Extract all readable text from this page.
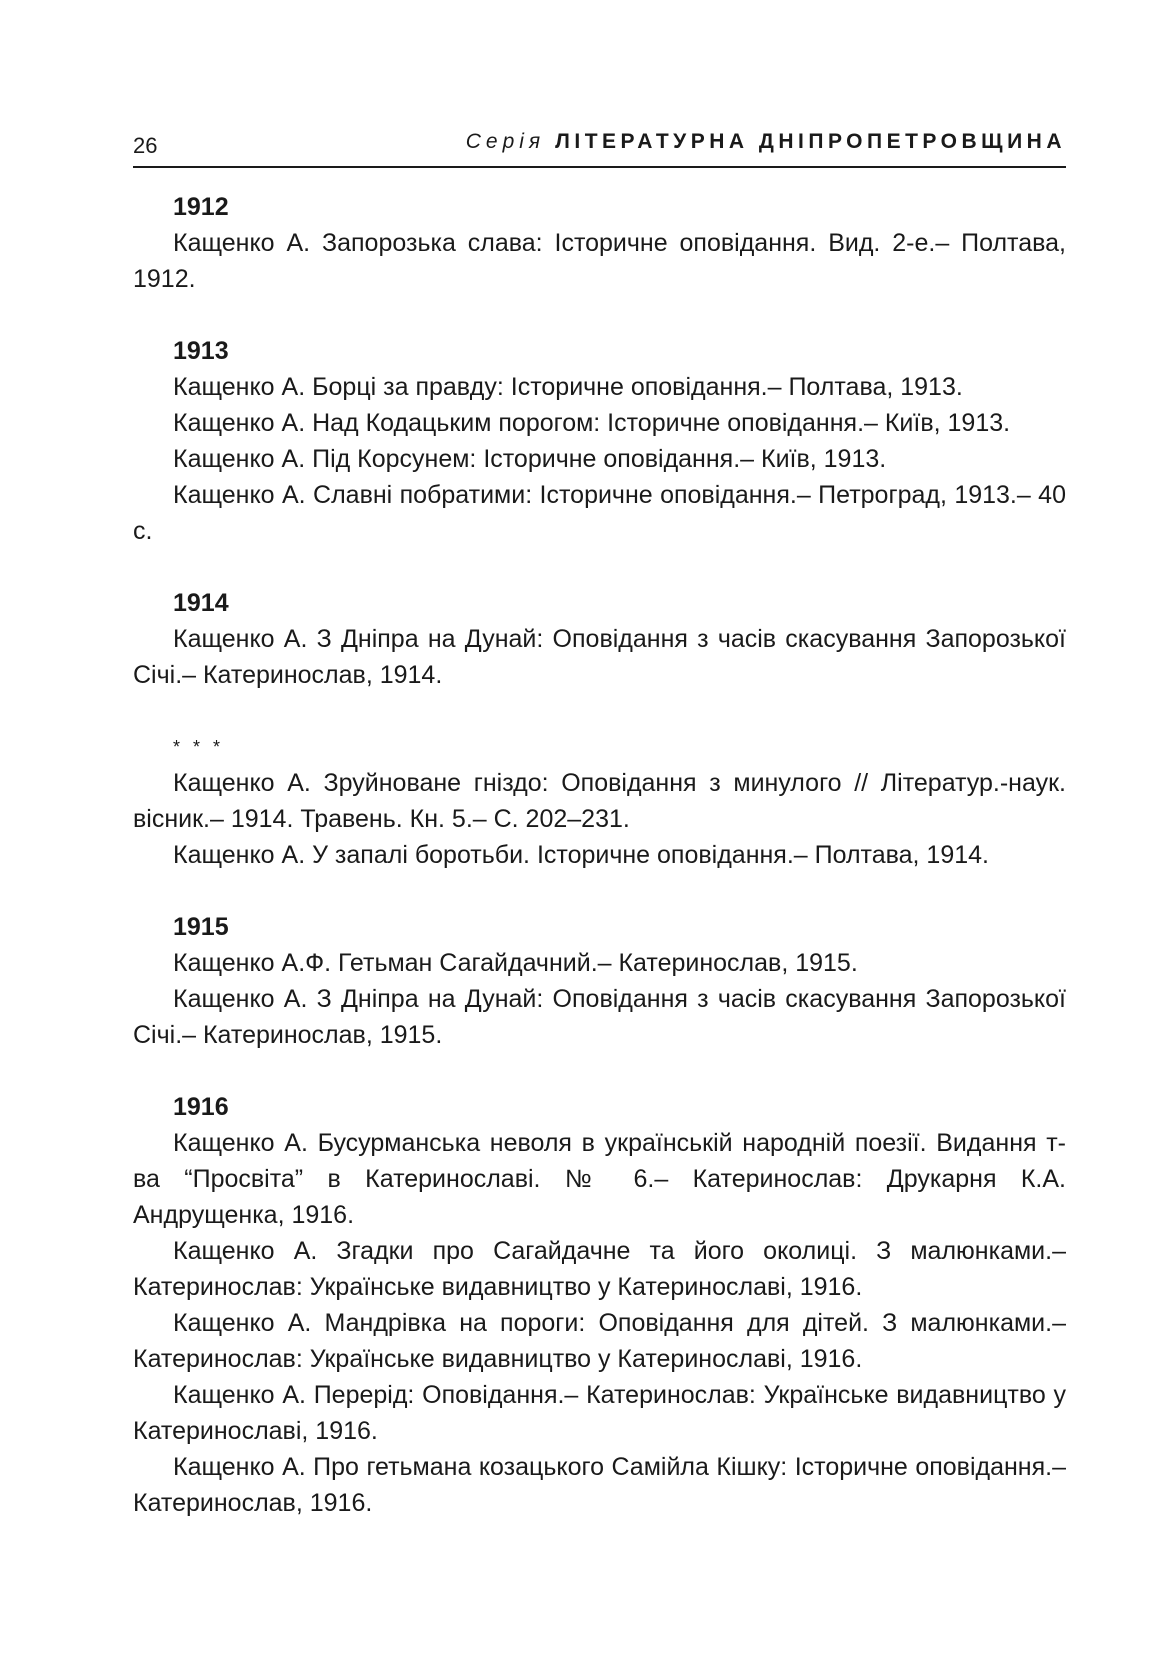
26	Серія ЛІТЕРАТУРНА ДНІПРОПЕТРОВЩИНА
1912

Кащенко А. Запорозька слава: Історичне оповідання. Вид. 2-е.– Полтава, 1912.

1913

Кащенко А. Борці за правду: Історичне оповідання.– Полтава, 1913.

Кащенко А. Над Кодацьким порогом: Історичне оповідання.– Київ, 1913.

Кащенко А. Під Корсунем: Історичне оповідання.– Київ, 1913.

Кащенко А. Славні побратими: Історичне оповідання.– Петроград, 1913.– 40 с.

1914

Кащенко А. З Дніпра на Дунай: Оповідання з часів скасування Запорозької Січі.– Катеринослав, 1914.

* * *

Кащенко А. Зруйноване гніздо: Оповідання з минулого // Літератур.-наук. вісник.– 1914. Травень. Кн. 5.– С. 202–231.

Кащенко А. У запалі боротьби. Історичне оповідання.– Полтава, 1914.

1915

Кащенко А.Ф. Гетьман Сагайдачний.– Катеринослав, 1915.

Кащенко А. З Дніпра на Дунай: Оповідання з часів скасування Запорозької Січі.– Катеринослав, 1915.

1916

Кащенко А. Бусурманська неволя в українській народній поезії. Видання т-ва “Просвіта” в Катеринославі. № 6.– Катеринослав: Друкарня К.А. Андрущенка, 1916.

Кащенко А. Згадки про Сагайдачне та його околиці. З малюнками.– Катеринослав: Українське видавництво у Катеринославі, 1916.

Кащенко А. Мандрівка на пороги: Оповідання для дітей. З малюнками.– Катеринослав: Українське видавництво у Катеринославі, 1916.

Кащенко А. Перерід: Оповідання.– Катеринослав: Українське видавництво у Катеринославі, 1916.

Кащенко А. Про гетьмана козацького Самійла Кішку: Історичне оповідання.– Катеринослав, 1916.
